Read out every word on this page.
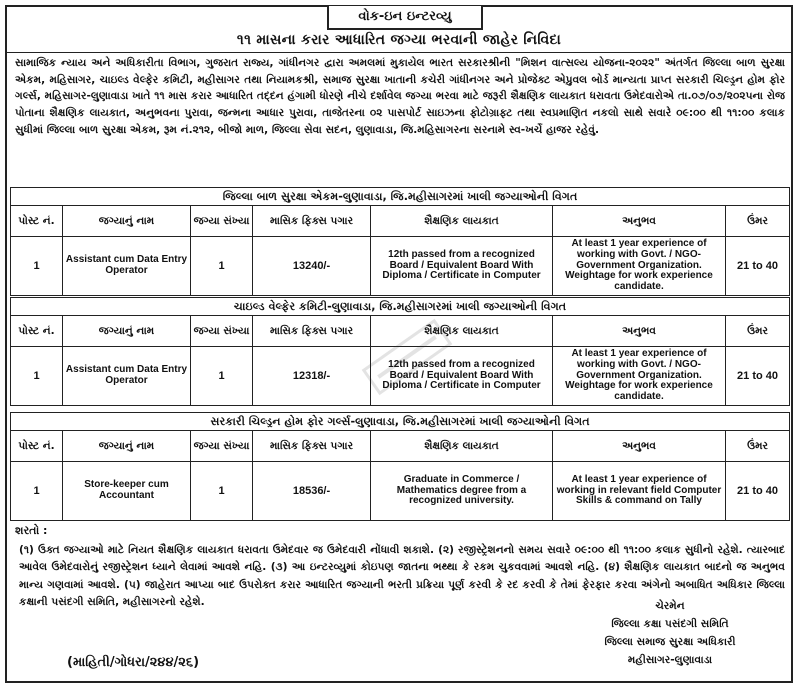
વોક-ઇન ઇન્ટરવ્યુ
૧૧ માસના કરાર આધારિત જગ્યા ભરવાની જાહેર નિવિદા
સામાજિક ન્યાય અને અધિકારીતા વિભાગ, ગુજરાત રાજ્ય, ગાંધીનગર દ્વારા અમલમાં મુકાયેલ ભારત સરકારશ્રીની "મિશન વાત્સલ્ય યોજના-૨૦૨૨" અંતર્ગત જિલ્લા બાળ સુરક્ષા એકમ, મહિસાગર, ચાઇલ્ડ વેલ્ફેર કમિટી, મહીસાગર તથા નિયામકશ્રી, સમાજ સુરક્ષા ખાતાની કચેરી ગાંધીનગર અને પ્રોજેક્ટ એપ્રુવલ બોર્ડ માન્યતા પ્રાપ્ત સરકારી ચિલ્ડ્રન હોમ ફોર ગર્લ્સ, મહિસાગર-લુણાવાડા ખાતે ૧૧ માસ કરાર આધારિત તદ્દન હંગામી ધોરણે નીચે દર્શાવેલ જગ્યા ભરવા માટે જરૂરી શૈક્ષણિક લાયકાત ધરાવતા ઉમેદવારોએ તા.૦૭/૦૭/૨૦૨૫ના રોજ પોતાના શૈક્ષણિક લાયકાત, અનુભવના પુરાવા, જન્મના આધાર પુરાવા, તાજેતરના ૦૨ પાસપોર્ટ સાઇઝના ફોટોગ્રાફ્ટ તથા સ્વપ્રમાણિત નકલો સાથે સવારે ૦૯:૦૦ થી ૧૧:૦૦ કલાક સુધીમાં જિલ્લા બાળ સુરક્ષા એકમ, રૂમ નં.૨૧૨, બીજો માળ, જિલ્લા સેવા સદન, લુણાવાડા, જિ.મહિસાગરના સરનામે સ્વ-ખર્ચે હાજર રહેવું.
જિલ્લા બાળ સુરક્ષા એકમ-લુણાવાડા, જિ.મહીસાગરમાં ખાલી જગ્યાઓની વિગત						
પોસ્ટ નં.	જગ્યાનું નામ	જગ્યા સંખ્યા	માસિક ફિક્સ પગાર	શૈક્ષણિક લાયકાત	અનુભવ	ઉંમર
1	Assistant cum Data Entry Operator	1	13240/-	12th passed from a recognized Board / Equivalent Board With Diploma / Certificate in Computer	At least 1 year experience of working with Govt. / NGO-Government Organization. Weightage for work experience candidate.	21 to 40
ચાઇલ્ડ વેલ્ફેર કમિટી-લુણાવાડા, જિ.મહીસાગરમાં ખાલી જગ્યાઓની વિગત						
પોસ્ટ નં.	જગ્યાનું નામ	જગ્યા સંખ્યા	માસિક ફિક્સ પગાર	શૈક્ષણિક લાયકાત	અનુભવ	ઉંમર
1	Assistant cum Data Entry Operator	1	12318/-	12th passed from a recognized Board / Equivalent Board With Diploma / Certificate in Computer	At least 1 year experience of working with Govt. / NGO-Government Organization. Weightage for work experience candidate.	21 to 40
સરકારી ચિલ્ડ્રન હોમ ફોર ગર્લ્સ-લુણાવાડા, જિ.મહીસાગરમાં ખાલી જગ્યાઓની વિગત						
પોસ્ટ નં.	જગ્યાનું નામ	જગ્યા સંખ્યા	માસિક ફિક્સ પગાર	શૈક્ષણિક લાયકાત	અનુભવ	ઉંમર
1	Store-keeper cum Accountant	1	18536/-	Graduate in Commerce / Mathematics degree from a recognized university.	At least 1 year experience of working in relevant field Computer Skills & command on Tally	21 to 40
શરતો :
(૧) ઉક્ત જગ્યાઓ માટે નિયત શૈક્ષણિક લાયકાત ધરાવતા ઉમેદવાર જ ઉમેદવારી નોંધાવી શકાશે. (૨) રજીસ્ટ્રેશનનો સમય સવારે ૦૯:૦૦ થી ૧૧:૦૦ કલાક સુધીનો રહેશે. ત્યારબાદ આવેલ ઉમેદવારોનું રજીસ્ટ્રેશન ધ્યાને લેવામાં આવશે નહિ. (૩) આ ઇન્ટરવ્યુમાં કોઇપણ જાતના ભથ્થા કે રકમ ચુકવવામાં આવશે નહિ. (૪) શૈક્ષણિક લાયકાત બાદનો જ અનુભવ માન્ય ગણવામાં આવશે. (૫) જાહેરાત આપ્યા બાદ ઉપરોક્ત કરાર આધારિત જગ્યાની ભરતી પ્રક્રિયા પૂર્ણ કરવી કે રદ કરવી કે તેમાં ફેરફાર કરવા અંગેનો અબાધિત અધિકાર જિલ્લા કક્ષાની પસંદગી સમિતિ, મહીસાગરનો રહેશે.	ચેરમેન
જિલ્લા કક્ષા પસંદગી સમિતિ
જિલ્લા સમાજ સુરક્ષા અધિકારી
મહીસાગર-લુણાવાડા
(માહિતી/ગોધરા/૨૪૪/૨૬)
